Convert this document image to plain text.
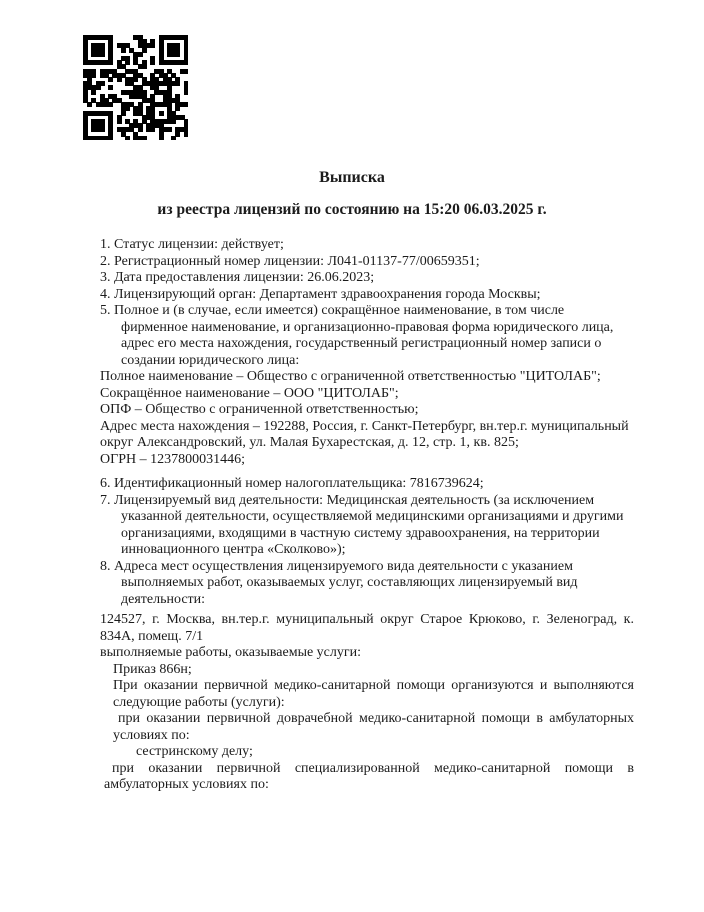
Выписка

из реестра лицензий по состоянию на 15:20 06.03.2025 г.

1. Статус лицензии: действует;

2. Регистрационный номер лицензии: Л041-01137-77/00659351;

3. Дата предоставления лицензии: 26.06.2023;

4. Лицензирующий орган: Департамент здравоохранения города Москвы;

5. Полное и (в случае, если имеется) сокращённое наименование, в том числе фирменное наименование, и организационно-правовая форма юридического лица, адрес его места нахождения, государственный регистрационный номер записи о создании юридического лица:

Полное наименование – Общество с ограниченной ответственностью "ЦИТОЛАБ";

Сокращённое наименование – ООО "ЦИТОЛАБ";

ОПФ – Общество с ограниченной ответственностью;

Адрес места нахождения – 192288, Россия, г. Санкт-Петербург, вн.тер.г. муниципальный округ Александровский, ул. Малая Бухарестская, д. 12, стр. 1, кв. 825;

ОГРН – 1237800031446;

6. Идентификационный номер налогоплательщика: 7816739624;

7. Лицензируемый вид деятельности: Медицинская деятельность (за исключением указанной деятельности, осуществляемой медицинскими организациями и другими организациями, входящими в частную систему здравоохранения, на территории инновационного центра «Сколково»);

8. Адреса мест осуществления лицензируемого вида деятельности с указанием выполняемых работ, оказываемых услуг, составляющих лицензируемый вид деятельности:

124527, г. Москва, вн.тер.г. муниципальный округ Старое Крюково, г. Зеленоград, к. 834А, помещ. 7/1

выполняемые работы, оказываемые услуги:

Приказ 866н;

При оказании первичной медико-санитарной помощи организуются и выполняются следующие работы (услуги):

при оказании первичной доврачебной медико-санитарной помощи в амбулаторных условиях по:

сестринскому делу;

при оказании первичной специализированной медико-санитарной помощи в амбулаторных условиях по:
